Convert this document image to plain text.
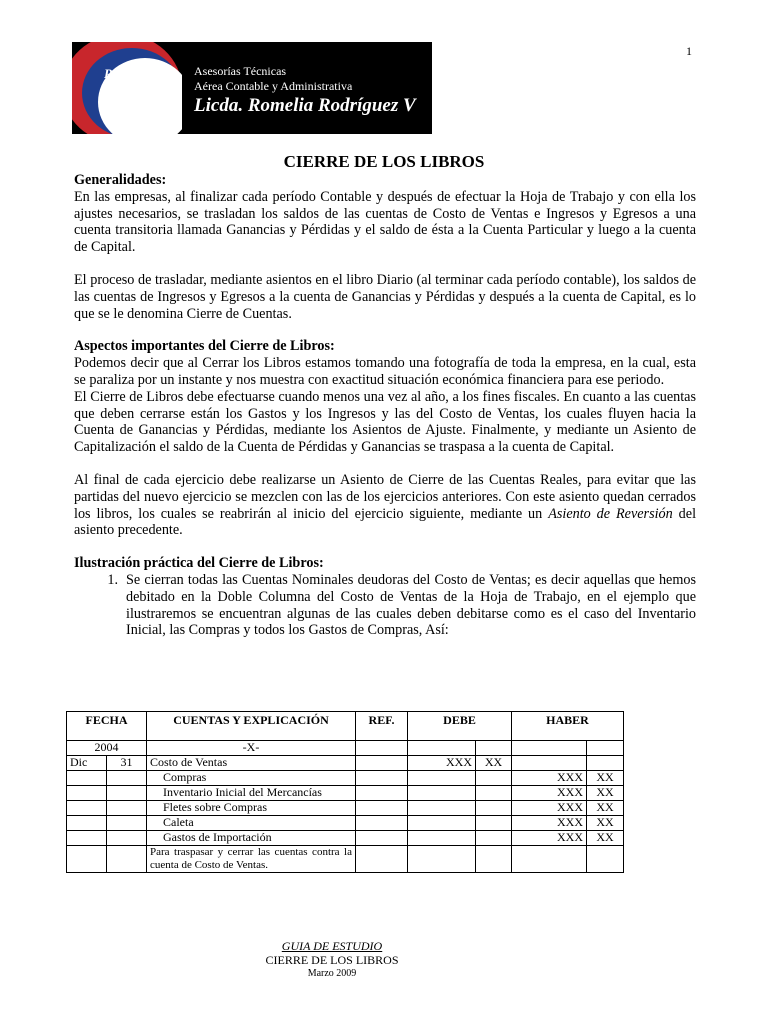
1
R
R
V
Asesorías Técnicas
Aérea Contable y Administrativa
Licda. Romelia Rodríguez V
CIERRE DE LOS LIBROS

Generalidades:

En las empresas, al finalizar cada período Contable y después de efectuar la Hoja de Trabajo y con ella los ajustes necesarios, se trasladan los saldos de las cuentas de Costo de Ventas e Ingresos y Egresos a una cuenta transitoria llamada Ganancias y Pérdidas y el saldo de ésta a la Cuenta Particular y luego a la cuenta de Capital.

El proceso de trasladar, mediante asientos en el libro Diario (al terminar cada período contable), los saldos de las cuentas de Ingresos y Egresos a la cuenta de Ganancias y Pérdidas y después a la cuenta de Capital, es lo que se le denomina Cierre de Cuentas.

Aspectos importantes del Cierre de Libros:

Podemos decir que al Cerrar los Libros estamos tomando una fotografía de toda la empresa, en la cual, esta se paraliza por un instante y nos muestra con exactitud situación económica financiera para ese periodo.

El Cierre de Libros debe efectuarse cuando menos una vez al año, a los fines fiscales. En cuanto a las cuentas que deben cerrarse están los Gastos y los Ingresos y las del Costo de Ventas, los cuales fluyen hacia la Cuenta de Ganancias y Pérdidas, mediante los Asientos de Ajuste. Finalmente, y mediante un Asiento de Capitalización el saldo de la Cuenta de Pérdidas y Ganancias se traspasa a la cuenta de Capital.

Al final de cada ejercicio debe realizarse un Asiento de Cierre de las Cuentas Reales, para evitar que las partidas del nuevo ejercicio se mezclen con las de los ejercicios anteriores. Con este asiento quedan cerrados los libros, los cuales se reabrirán al inicio del ejercicio siguiente, mediante un Asiento de Reversión del asiento precedente.

Ilustración práctica del Cierre de Libros:

1. Se cierran todas las Cuentas Nominales deudoras del Costo de Ventas; es decir aquellas que hemos debitado en la Doble Columna del Costo de Ventas de la Hoja de Trabajo, en el ejemplo que ilustraremos se encuentran algunas de las cuales deben debitarse como es el caso del Inventario Inicial, las Compras y todos los Gastos de Compras, Así:
FECHA		CUENTAS Y EXPLICACIÓN	REF.	DEBE		HABER	
2004		-X-					
Dic	31	Costo de Ventas		XXX	XX		
		Compras				XXX	XX
		Inventario Inicial del Mercancías				XXX	XX
		Fletes sobre Compras				XXX	XX
		Caleta				XXX	XX
		Gastos de Importación				XXX	XX
		Para traspasar y cerrar las cuentas contra la cuenta de Costo de Ventas.					
GUIA DE ESTUDIO
CIERRE DE LOS LIBROS
Marzo 2009
